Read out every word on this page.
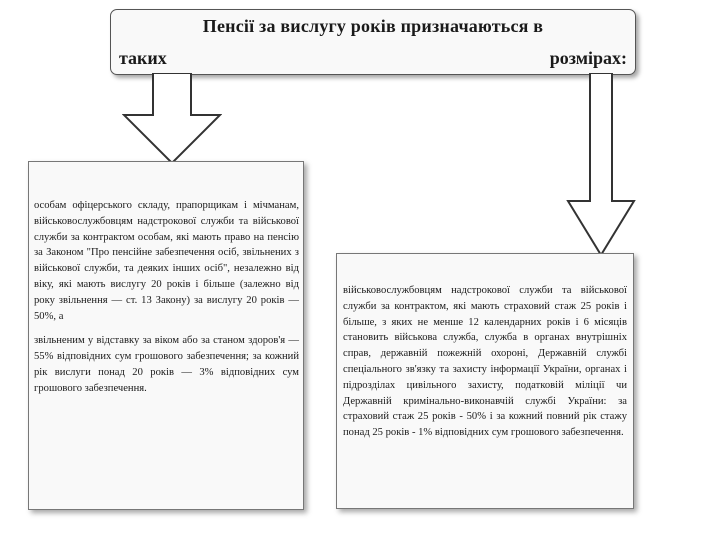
Пенсії за вислугу років призначаються в
таких	розмірах:

особам офіцерського складу, прапорщикам і мічманам, військовослужбовцям надстрокової служби та військової служби за контрактом особам, які мають право на пенсію за Законом "Про пенсійне забезпечення осіб, звільнених з військової служби, та деяких інших осіб", незалежно від віку, які мають вислугу 20 років і більше (залежно від року звільнення — ст. 13 Закону) за вислугу 20 років — 50%, а

звільненим у відставку за віком або за станом здоров'я — 55% відповідних сум грошового забезпечення; за кожний рік вислуги понад 20 років — 3% відповідних сум грошового забезпечення.

військовослужбовцям надстрокової служби та військової служби за контрактом, які мають страховий стаж 25 років і більше, з яких не менше 12 календарних років і 6 місяців становить військова служба, служба в органах внутрішніх справ, державній пожежній охороні, Державній службі спеціального зв'язку та захисту інформації України, органах і підрозділах цивільного захисту, податковій міліції чи Державній кримінально-виконавчій службі України: за страховий стаж 25 років - 50% і за кожний повний рік стажу понад 25 років - 1% відповідних сум грошового забезпечення.
